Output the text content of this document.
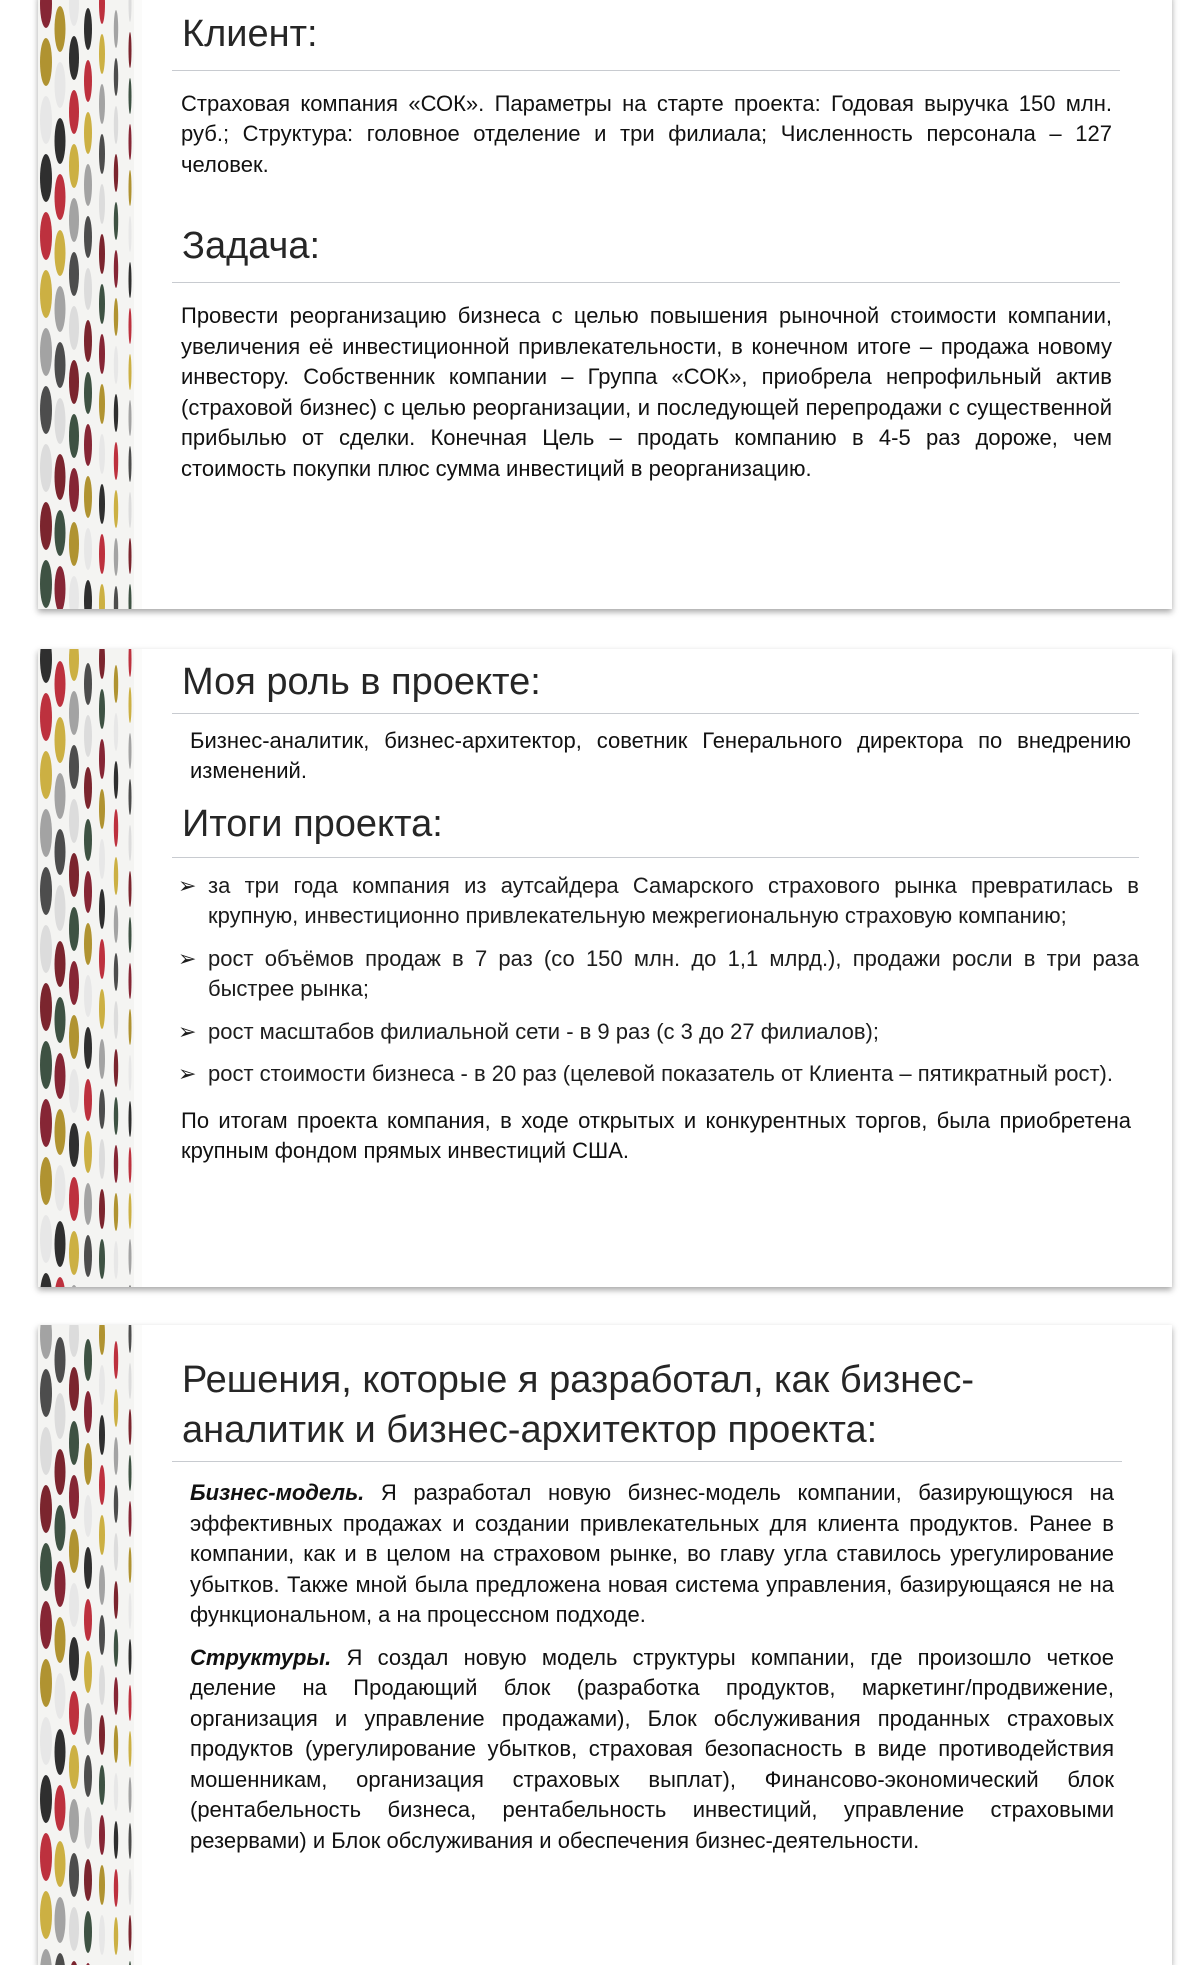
Клиент:

Страховая компания «СОК». Параметры на старте проекта: Годовая выручка 150 млн. руб.; Структура: головное отделение и три филиала; Численность персонала – 127 человек.

Задача:

Провести реорганизацию бизнеса с целью повышения рыночной стоимости компании, увеличения её инвестиционной привлекательности, в конечном итоге – продажа новому инвестору. Собственник компании – Группа «СОК», приобрела непрофильный актив (страховой бизнес) с целью реорганизации, и последующей перепродажи с существенной прибылью от сделки. Конечная Цель – продать компанию в 4-5 раз дороже, чем стоимость покупки плюс сумма инвестиций в реорганизацию.

Моя роль в проекте:

Бизнес-аналитик, бизнес-архитектор, советник Генерального директора по внедрению изменений.

Итоги проекта:
➢ за три года компания из аутсайдера Самарского страхового рынка превратилась в крупную, инвестиционно привлекательную межрегиональную страховую компанию;
➢ рост объёмов продаж в 7 раз (со 150 млн. до 1,1 млрд.), продажи росли в три раза быстрее рынка;
➢ рост масштабов филиальной сети - в 9 раз (с 3 до 27 филиалов);
➢ рост стоимости бизнеса - в 20 раз (целевой показатель от Клиента – пятикратный рост).

По итогам проекта компания, в ходе открытых и конкурентных торгов, была приобретена крупным фондом прямых инвестиций США.

Решения, которые я разработал, как бизнес-аналитик и бизнес-архитектор проекта:

Бизнес-модель. Я разработал новую бизнес-модель компании, базирующуюся на эффективных продажах и создании привлекательных для клиента продуктов. Ранее в компании, как и в целом на страховом рынке, во главу угла ставилось урегулирование убытков. Также мной была предложена новая система управления, базирующаяся не на функциональном, а на процессном подходе.

Структуры. Я создал новую модель структуры компании, где произошло четкое деление на Продающий блок (разработка продуктов, маркетинг/продвижение, организация и управление продажами), Блок обслуживания проданных страховых продуктов (урегулирование убытков, страховая безопасность в виде противодействия мошенникам, организация страховых выплат), Финансово-экономический блок (рентабельность бизнеса, рентабельность инвестиций, управление страховыми резервами) и Блок обслуживания и обеспечения бизнес-деятельности.
